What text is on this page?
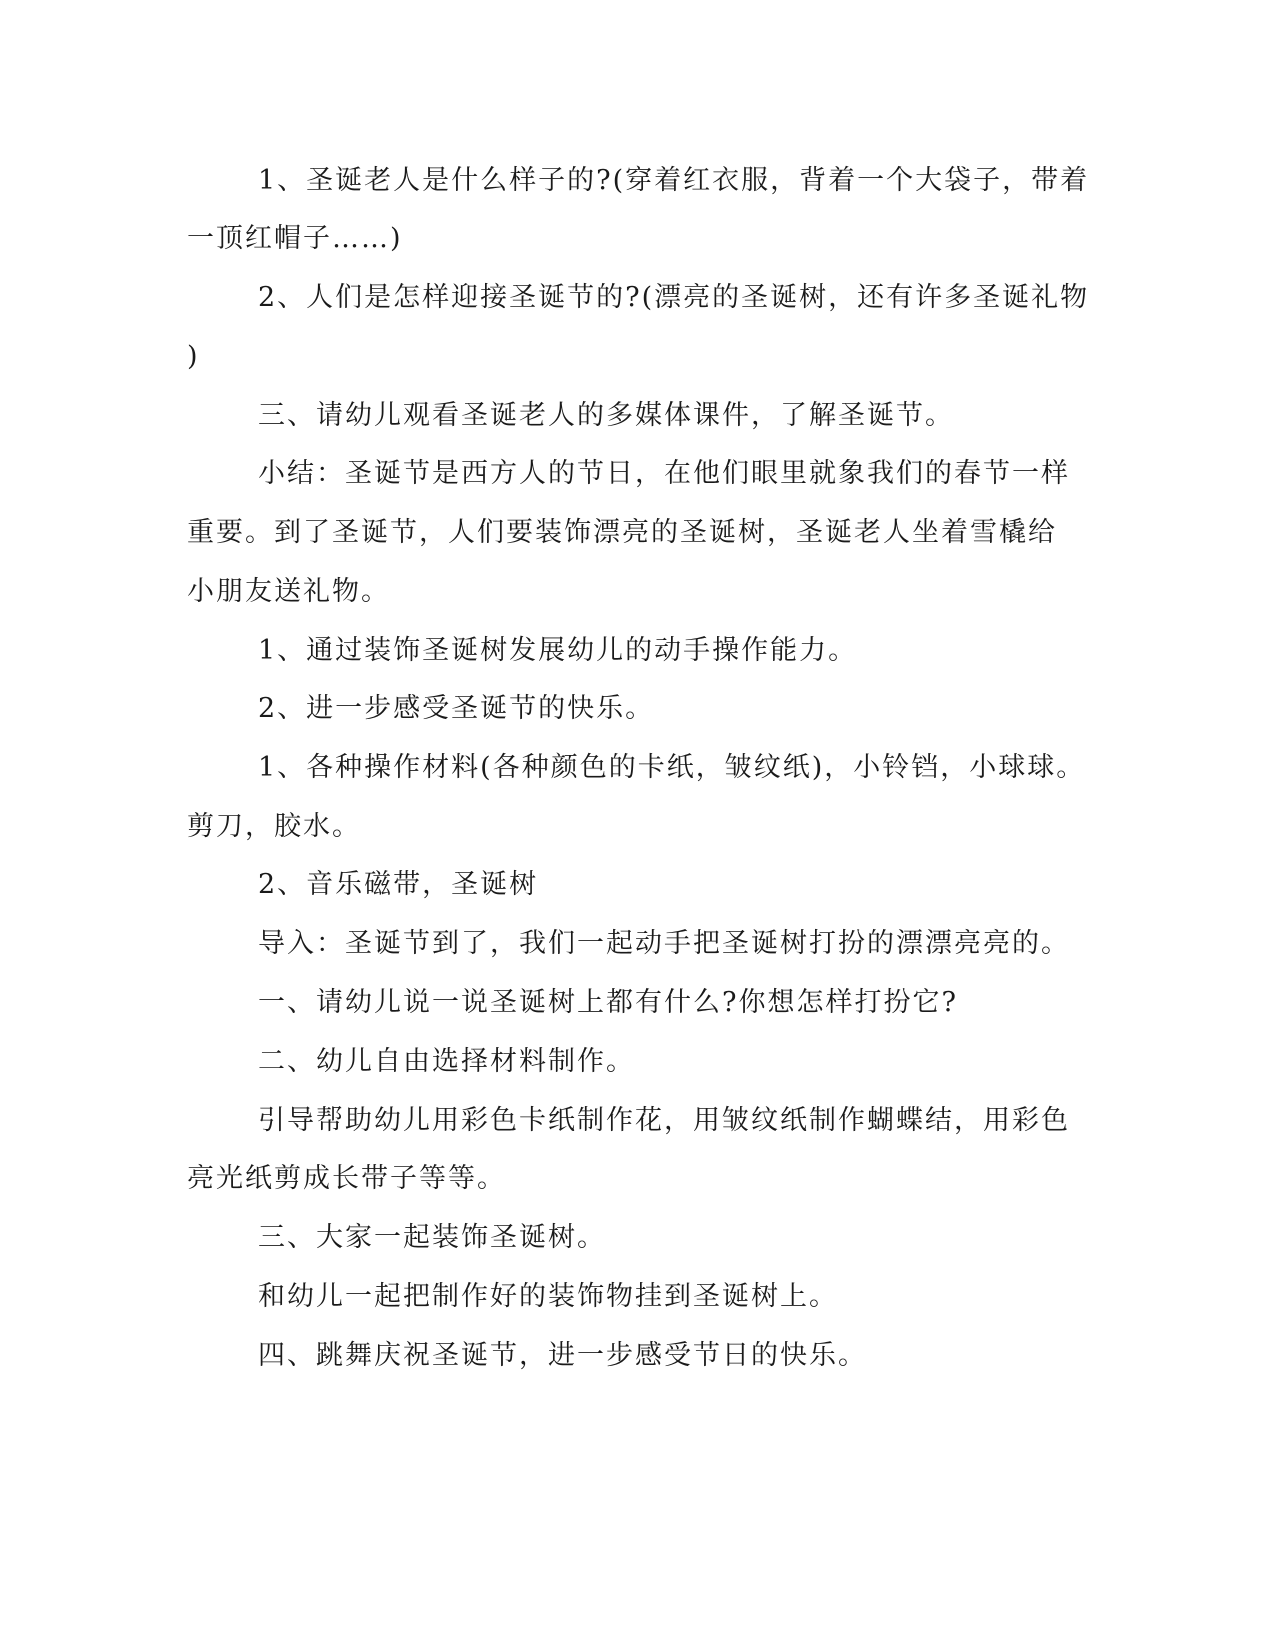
1、圣诞老人是什么样子的?(穿着红衣服，背着一个大袋子，带着

一顶红帽子……)

2、人们是怎样迎接圣诞节的?(漂亮的圣诞树，还有许多圣诞礼物

)

三、请幼儿观看圣诞老人的多媒体课件，了解圣诞节。

小结：圣诞节是西方人的节日，在他们眼里就象我们的春节一样

重要。到了圣诞节，人们要装饰漂亮的圣诞树，圣诞老人坐着雪橇给

小朋友送礼物。

1、通过装饰圣诞树发展幼儿的动手操作能力。

2、进一步感受圣诞节的快乐。

1、各种操作材料(各种颜色的卡纸，皱纹纸)，小铃铛，小球球。

剪刀，胶水。

2、音乐磁带，圣诞树

导入：圣诞节到了，我们一起动手把圣诞树打扮的漂漂亮亮的。

一、请幼儿说一说圣诞树上都有什么?你想怎样打扮它?

二、幼儿自由选择材料制作。

引导帮助幼儿用彩色卡纸制作花，用皱纹纸制作蝴蝶结，用彩色

亮光纸剪成长带子等等。

三、大家一起装饰圣诞树。

和幼儿一起把制作好的装饰物挂到圣诞树上。

四、跳舞庆祝圣诞节，进一步感受节日的快乐。
